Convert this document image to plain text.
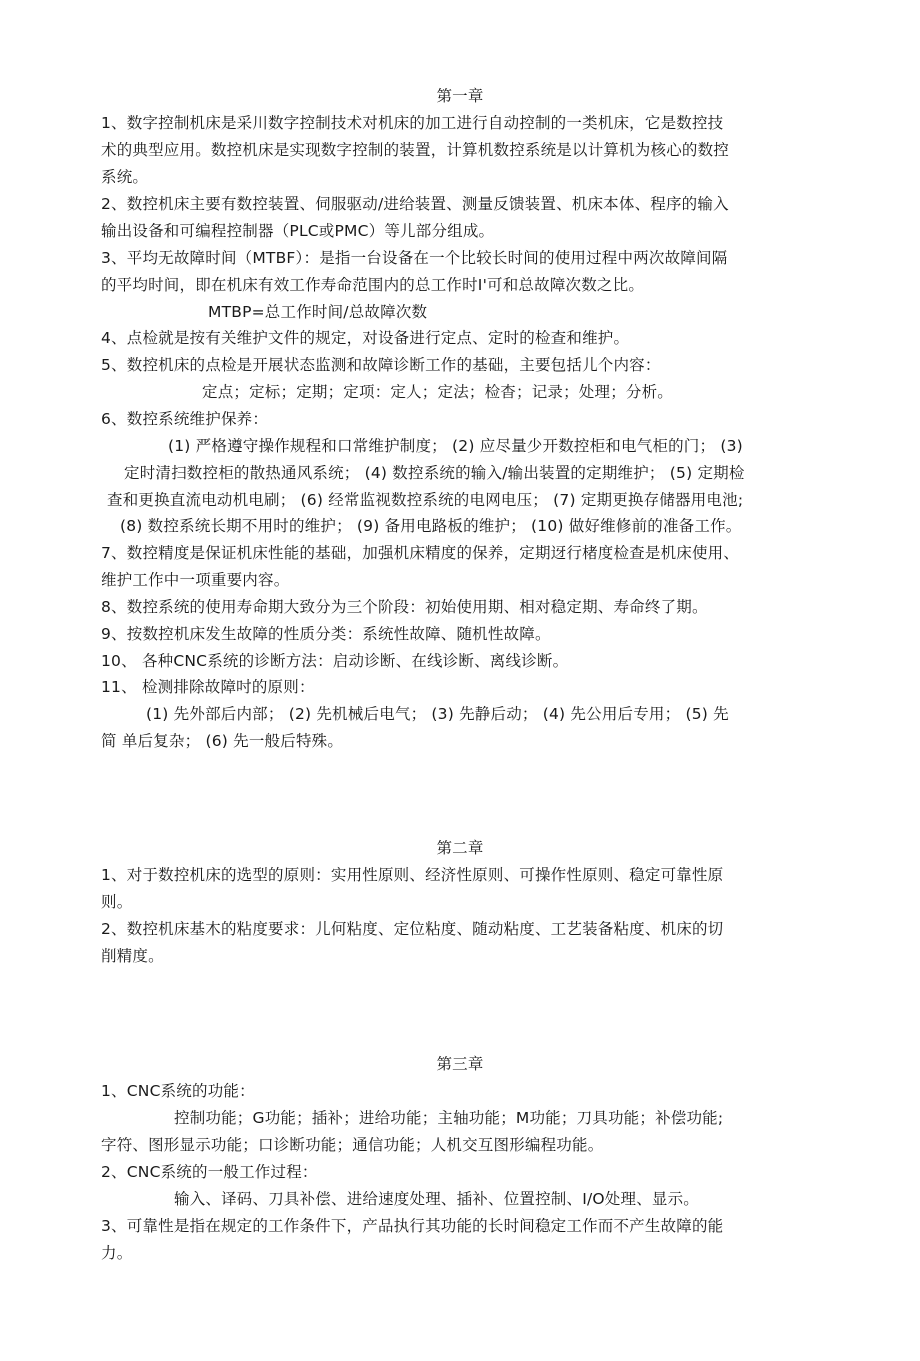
第一章
1、数字控制机床是采川数字控制技术对机床的加工进行自动控制的一类机床，它是数控技
术的典型应用。数控机床是实现数字控制的装置，计算机数控系统是以计算机为核心的数控
系统。
2、数控机床主要有数控装置、伺服驱动/进给装置、测量反馈装置、机床本体、程序的输入
输出设备和可编程控制器（PLC或PMC）等儿部分组成。
3、平均无故障时间（MTBF）：是指一台设备在一个比较长时间的使用过程中两次故障间隔
的平均时间，即在机床有效工作寿命范围内的总工作时I'可和总故障次数之比。
MTBP=总工作时间/总故障次数
4、点检就是按有关维护文件的规定，对设备进行定点、定时的检查和维护。
5、数控机床的点检是开展状态监测和故障诊断工作的基础，主要包括儿个内容：
定点；定标；定期；定项：定人；定法；检杳；记录；处理；分析。
6、数控系统维护保养：
(1) 严格遵守操作规程和口常维护制度； (2) 应尽量少开数控柜和电气柜的门； (3)
定时清扫数控柜的散热通风系统； (4) 数控系统的输入/输出装置的定期维护； (5) 定期检
查和更换直流电动机电刷； (6) 经常监视数控系统的电网电压； (7) 定期更换存储器用电池;
(8) 数控系统长期不用时的维护； (9) 备用电路板的维护； (10) 做好维修前的准备工作。
7、数控精度是保证机床性能的基础，加强机床精度的保养，定期迓行楮度检查是机床使用、
维护工作中一项重要内容。
8、数控系统的使用寿命期大致分为三个阶段：初始使用期、相对稳定期、寿命终了期。
9、按数控机床发生故障的性质分类：系统性故障、随机性故障。
10、 各种CNC系统的诊断方法：启动诊断、在线诊断、离线诊断。
11、 检测排除故障吋的原则：
(1) 先外部后内部； (2) 先机械后电气； (3) 先静后动； (4) 先公用后专用； (5) 先
简 单后复杂； (6) 先一般后特殊。
第二章
1、对于数控机床的选型的原则：实用性原则、经济性原则、可操作性原则、稳定可靠性原
则。
2、数控机床基木的粘度要求：儿何粘度、定位粘度、随动粘度、工艺装备粘度、机床的切
削精度。
第三章
1、CNC系统的功能：
控制功能；G功能；插补；进给功能；主轴功能；M功能；刀具功能；补偿功能;
字符、图形显示功能；口诊断功能；通信功能；人机交互图形编程功能。
2、CNC系统的一般工作过程：
输入、译码、刀具补偿、进给速度处理、插补、位置控制、I/O处理、显示。
3、可靠性是指在规定的工作条件下，产品执行其功能的长时间稳定工作而不产生故障的能
力。
